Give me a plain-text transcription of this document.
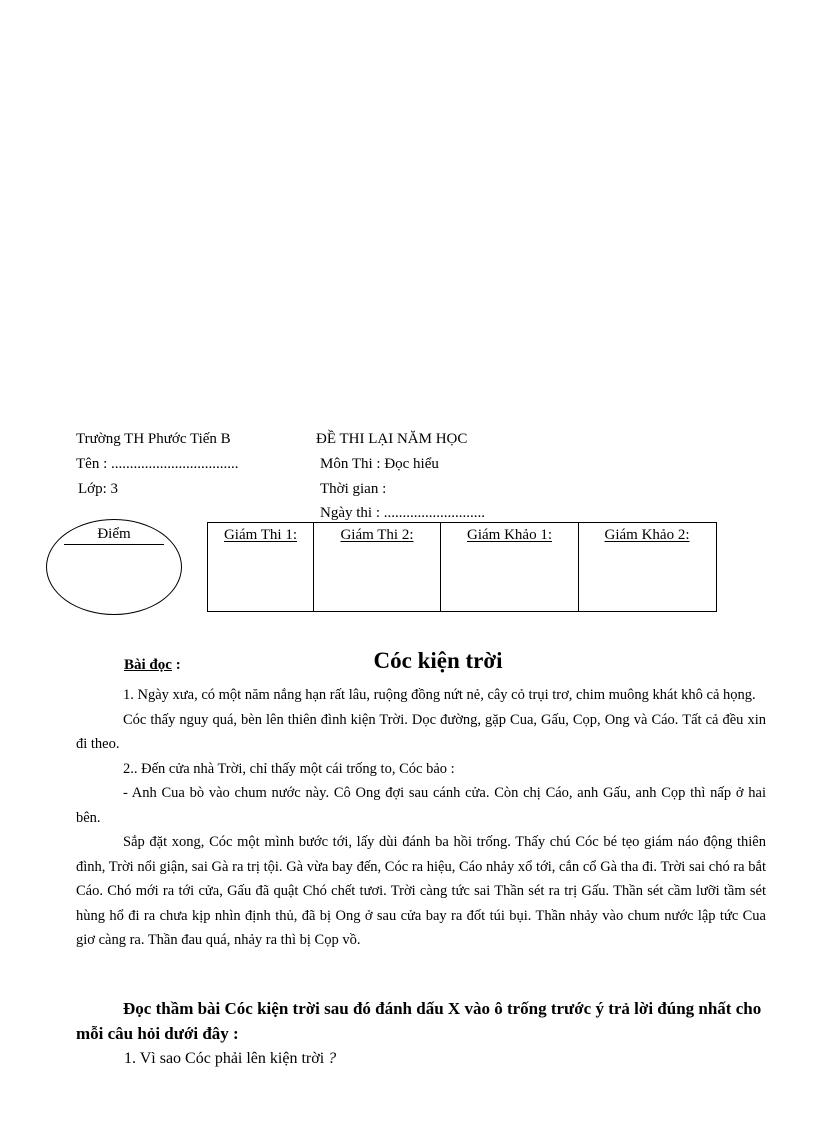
Trường TH Phước Tiến B	ĐỀ THI LẠI NĂM HỌC
Tên : ..................................	Môn Thi : Đọc hiểu
Lớp: 3	Thời gian :
Ngày thi : ...........................
Điểm	Giám Thi 1:	Giám Thi 2:	Giám Khảo 1:	Giám Khảo 2:
Bài đọc :	Cóc kiện trời

1. Ngày xưa, có một năm nắng hạn rất lâu, ruộng đồng nứt nẻ, cây cỏ trụi trơ, chim muông khát khô cả họng.

Cóc thấy nguy quá, bèn lên thiên đình kiện Trời. Dọc đường, gặp Cua, Gấu, Cọp, Ong và Cáo. Tất cả đều xin đi theo.

2.. Đến cửa nhà Trời, chỉ thấy một cái trống to, Cóc bảo :

- Anh Cua bò vào chum nước này. Cô Ong đợi sau cánh cửa. Còn chị Cáo, anh Gấu, anh Cọp thì nấp ở hai bên.

Sắp đặt xong, Cóc một mình bước tới, lấy dùi đánh ba hồi trống. Thấy chú Cóc bé tẹo giám náo động thiên đình, Trời nổi giận, sai Gà ra trị tội. Gà vừa bay đến, Cóc ra hiệu, Cáo nhảy xổ tới, cắn cổ Gà tha đi. Trời sai chó ra bắt Cáo. Chó mới ra tới cửa, Gấu đã quật Chó chết tươi. Trời càng tức sai Thần sét ra trị Gấu. Thần sét cầm lưỡi tầm sét hùng hổ đi ra chưa kịp nhìn định thủ, đã bị Ong ở sau cửa bay ra đốt túi bụi. Thần nhảy vào chum nước lập tức Cua giơ càng ra. Thần đau quá, nhảy ra thì bị Cọp vồ.

Đọc thầm bài Cóc kiện trời sau đó đánh dấu X vào ô trống trước ý trả lời đúng nhất cho mỗi câu hỏi dưới đây :
1. Vì sao Cóc phải lên kiện trời ?
